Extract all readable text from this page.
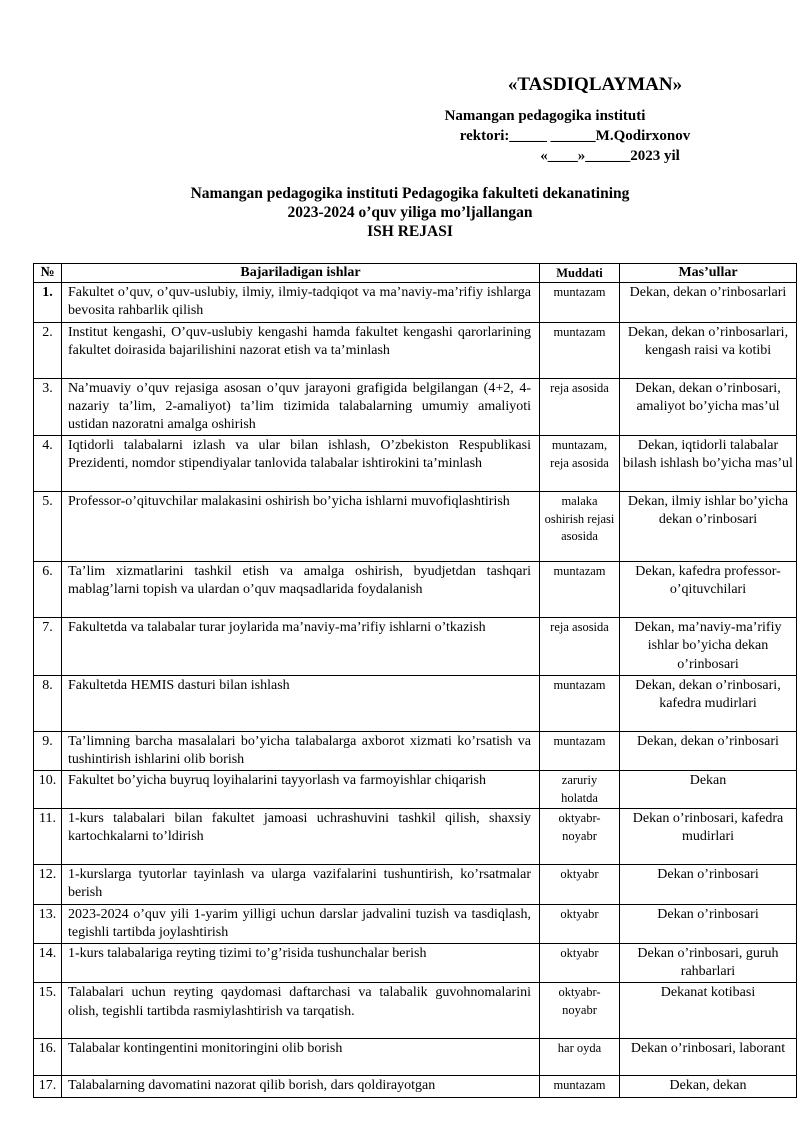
«TASDIQLAYMAN»
Namangan pedagogika instituti
rektori:_____ ______M.Qodirxonov
«____»______2023 yil
Namangan pedagogika instituti Pedagogika fakulteti dekanatining
2023-2024 o’quv yiliga mo’ljallangan
ISH REJASI
№	Bajariladigan ishlar	Muddati	Mas’ullar
1.	Fakultet o’quv, o’quv-uslubiy, ilmiy, ilmiy-tadqiqot va ma’naviy-ma’rifiy ishlarga bevosita rahbarlik qilish	muntazam	Dekan, dekan o’rinbosarlari
2.	Institut kengashi, O’quv-uslubiy kengashi hamda fakultet kengashi qarorlarining fakultet doirasida bajarilishini nazorat etish va ta’minlash	muntazam	Dekan, dekan o’rinbosarlari, kengash raisi va kotibi
3.	Na’muaviy o’quv rejasiga asosan o’quv jarayoni grafigida belgilangan (4+2, 4-nazariy ta’lim, 2-amaliyot) ta’lim tizimida talabalarning umumiy amaliyoti ustidan nazoratni amalga oshirish	reja asosida	Dekan, dekan o’rinbosari, amaliyot bo’yicha mas’ul
4.	Iqtidorli talabalarni izlash va ular bilan ishlash, O’zbekiston Respublikasi Prezidenti, nomdor stipendiyalar tanlovida talabalar ishtirokini ta’minlash	muntazam, reja asosida	Dekan, iqtidorli talabalar bilash ishlash bo’yicha mas’ul
5.	Professor-o’qituvchilar malakasini oshirish bo’yicha ishlarni muvofiqlashtirish	malaka oshirish rejasi asosida	Dekan, ilmiy ishlar bo’yicha dekan o’rinbosari
6.	Ta’lim xizmatlarini tashkil etish va amalga oshirish, byudjetdan tashqari mablag’larni topish va ulardan o’quv maqsadlarida foydalanish	muntazam	Dekan, kafedra professor-o’qituvchilari
7.	Fakultetda va talabalar turar joylarida ma’naviy-ma’rifiy ishlarni o’tkazish	reja asosida	Dekan, ma’naviy-ma’rifiy ishlar bo’yicha dekan o’rinbosari
8.	Fakultetda HEMIS dasturi bilan ishlash	muntazam	Dekan, dekan o’rinbosari, kafedra mudirlari
9.	Ta’limning barcha masalalari bo’yicha talabalarga axborot xizmati ko’rsatish va tushintirish ishlarini olib borish	muntazam	Dekan, dekan o’rinbosari
10.	Fakultet bo’yicha buyruq loyihalarini tayyorlash va farmoyishlar chiqarish	zaruriy holatda	Dekan
11.	1-kurs talabalari bilan fakultet jamoasi uchrashuvini tashkil qilish, shaxsiy kartochkalarni to’ldirish	oktyabr-noyabr	Dekan o’rinbosari, kafedra mudirlari
12.	1-kurslarga tyutorlar tayinlash va ularga vazifalarini tushuntirish, ko’rsatmalar berish	oktyabr	Dekan o’rinbosari
13.	2023-2024 o’quv yili 1-yarim yilligi uchun darslar jadvalini tuzish va tasdiqlash, tegishli tartibda joylashtirish	oktyabr	Dekan o’rinbosari
14.	1-kurs talabalariga reyting tizimi to’g’risida tushunchalar berish	oktyabr	Dekan o’rinbosari, guruh rahbarlari
15.	Talabalari uchun reyting qaydomasi daftarchasi va talabalik guvohnomalarini olish, tegishli tartibda rasmiylashtirish va tarqatish.	oktyabr-noyabr	Dekanat kotibasi
16.	Talabalar kontingentini monitoringini olib borish	har oyda	Dekan o’rinbosari, laborant
17.	Talabalarning davomatini nazorat qilib borish, dars qoldirayotgan	muntazam	Dekan, dekan
